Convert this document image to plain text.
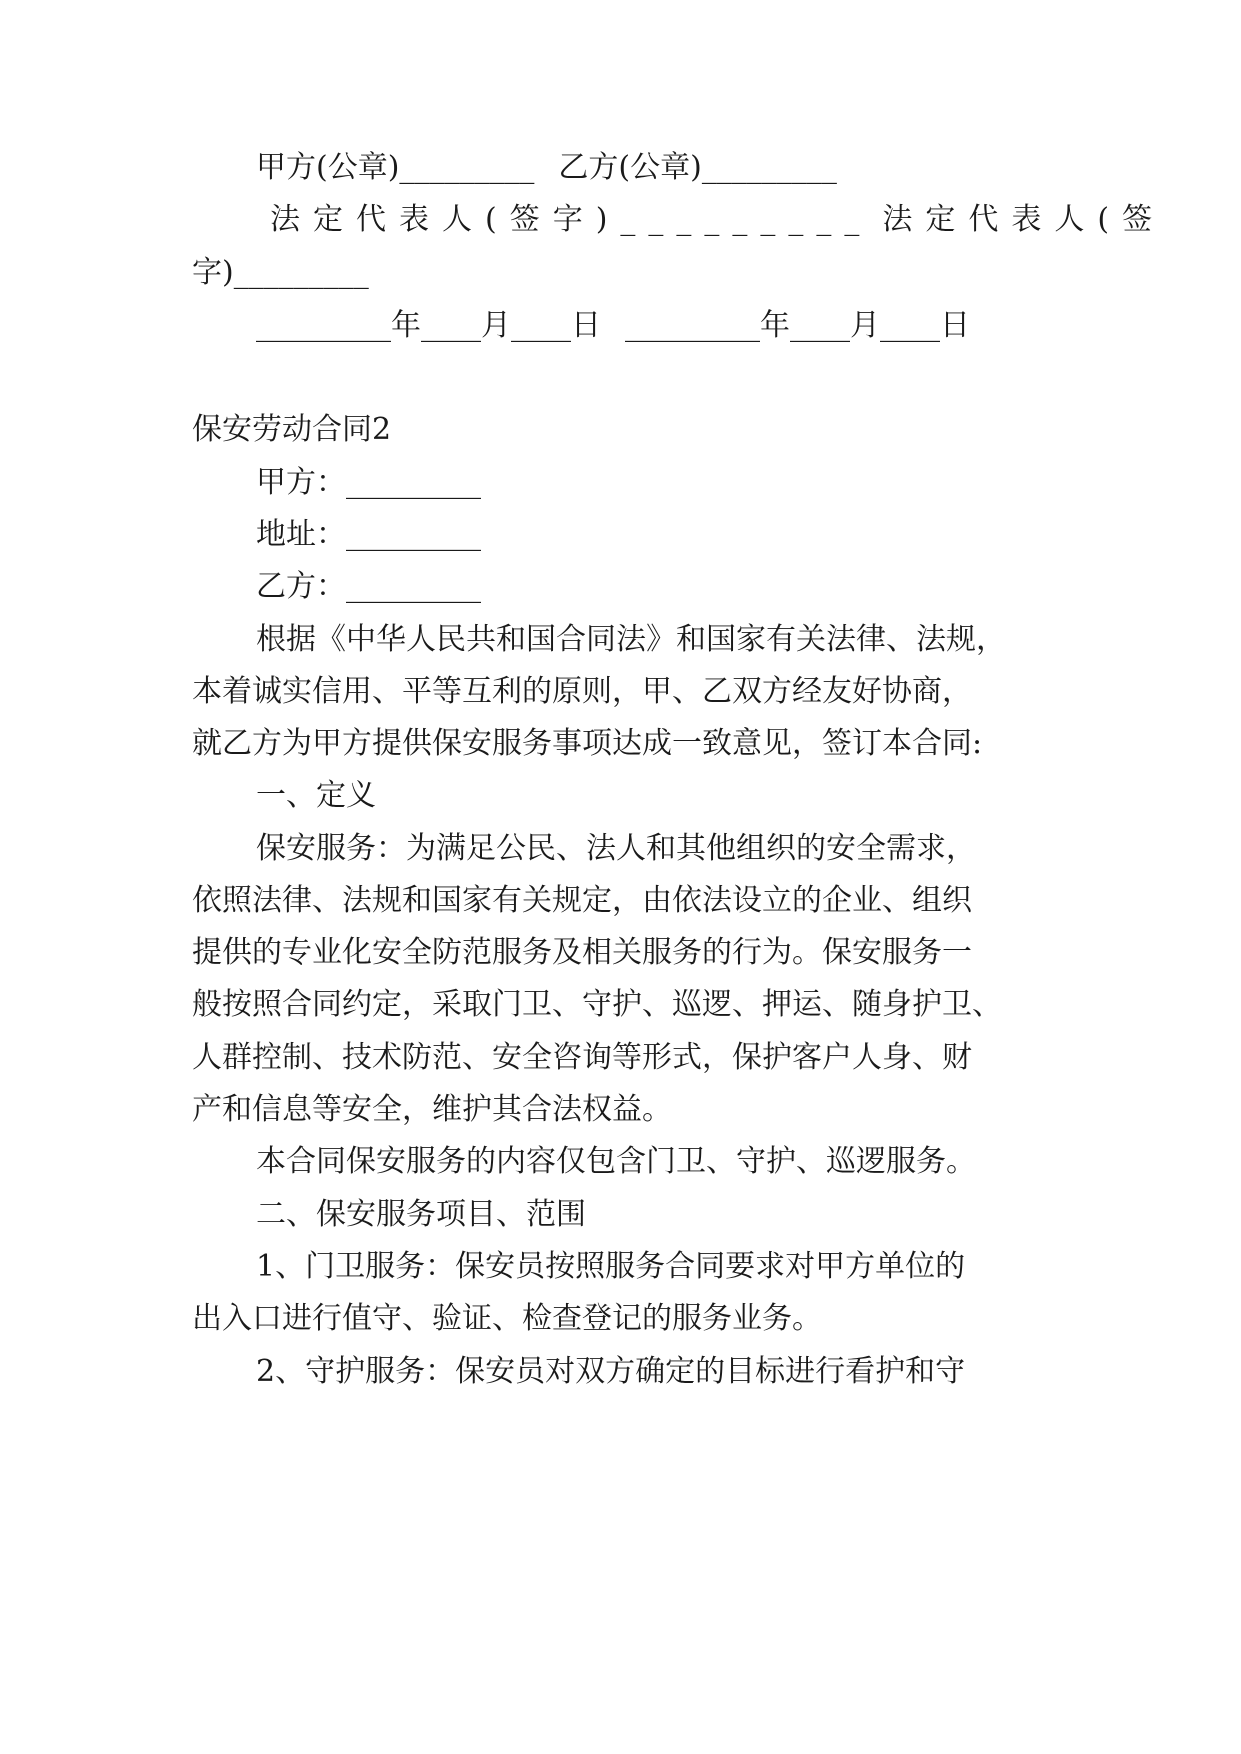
甲方(公章)_________ 乙方(公章)_________
法定代表人(签字)_________ 法定代表人(签
字)_________
_________年____月____日 _________年____月____日
保安劳动合同2
甲方：_________
地址：_________
乙方：_________
根据《中华人民共和国合同法》和国家有关法律、法规，
本着诚实信用、平等互利的原则，甲、乙双方经友好协商，
就乙方为甲方提供保安服务事项达成一致意见，签订本合同:
一、定义
保安服务：为满足公民、法人和其他组织的安全需求，
依照法律、法规和国家有关规定，由依法设立的企业、组织
提供的专业化安全防范服务及相关服务的行为。保安服务一
般按照合同约定，采取门卫、守护、巡逻、押运、随身护卫、
人群控制、技术防范、安全咨询等形式，保护客户人身、财
产和信息等安全，维护其合法权益。
本合同保安服务的内容仅包含门卫、守护、巡逻服务。
二、保安服务项目、范围
1、门卫服务：保安员按照服务合同要求对甲方单位的
出入口进行值守、验证、检查登记的服务业务。
2、守护服务：保安员对双方确定的目标进行看护和守
